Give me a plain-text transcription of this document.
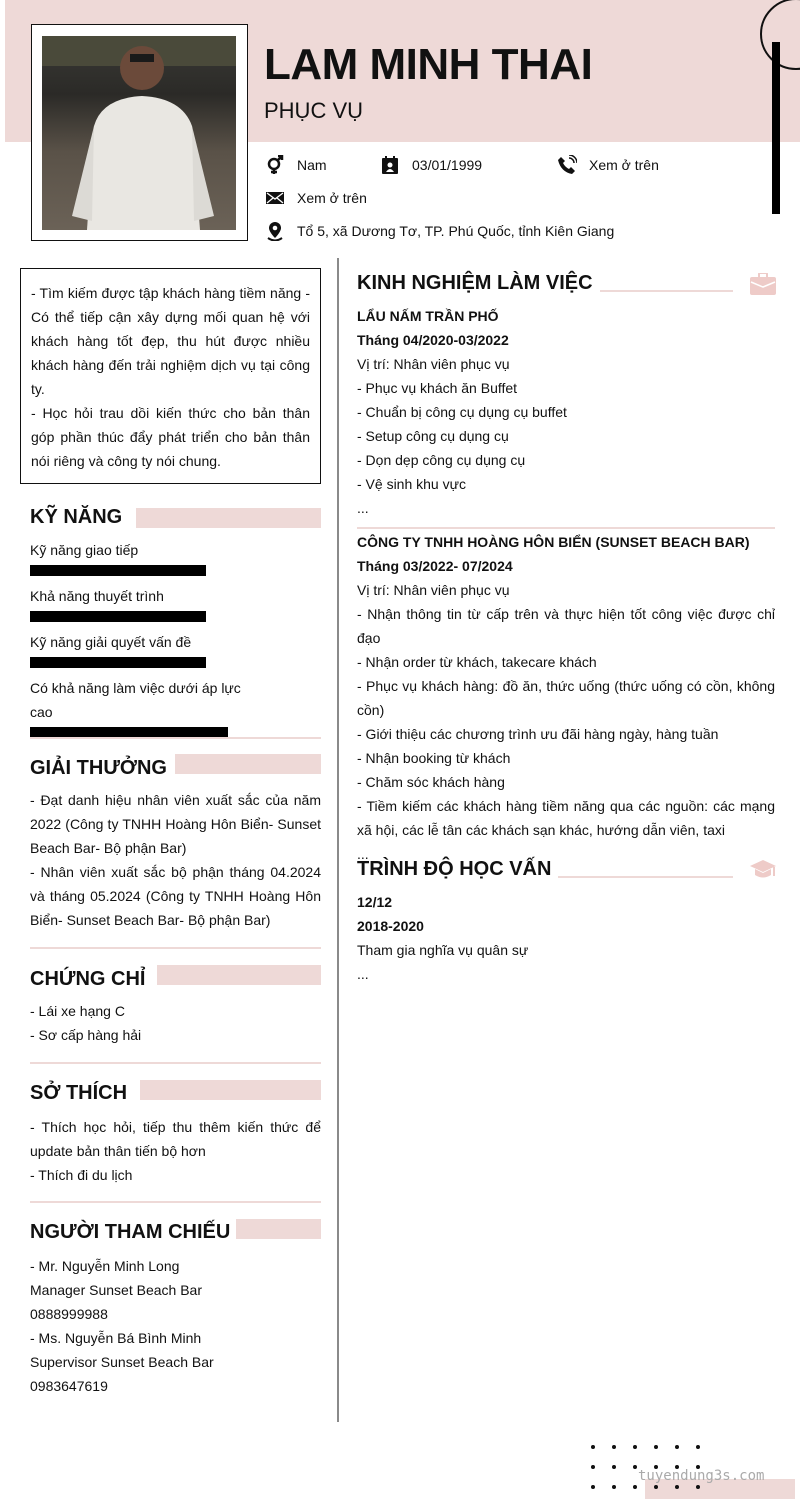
LAM MINH THAI
PHỤC VỤ
Nam	03/01/1999	Xem ở trên
Xem ở trên
Tổ 5, xã Dương Tơ, TP. Phú Quốc, tỉnh Kiên Giang
- Tìm kiếm được tập khách hàng tiềm năng - Có thể tiếp cận xây dựng mối quan hệ với khách hàng tốt đẹp, thu hút được nhiều khách hàng đến trải nghiệm dịch vụ tại công ty.
- Học hỏi trau dồi kiến thức cho bản thân góp phần thúc đẩy phát triển cho bản thân nói riêng và công ty nói chung.
KỸ NĂNG
Kỹ năng giao tiếp
Khả năng thuyết trình
Kỹ năng giải quyết vấn đề
Có khả năng làm việc dưới áp lực cao
GIẢI THƯỞNG
- Đạt danh hiệu nhân viên xuất sắc của năm 2022 (Công ty TNHH Hoàng Hôn Biển- Sunset Beach Bar- Bộ phận Bar)
- Nhân viên xuất sắc bộ phận tháng 04.2024 và tháng 05.2024 (Công ty TNHH Hoàng Hôn Biển- Sunset Beach Bar- Bộ phận Bar)
CHỨNG CHỈ
- Lái xe hạng C
- Sơ cấp hàng hải
SỞ THÍCH
- Thích học hỏi, tiếp thu thêm kiến thức để update bản thân tiến bộ hơn
- Thích đi du lịch
NGƯỜI THAM CHIẾU
- Mr. Nguyễn Minh Long
Manager Sunset Beach Bar
0888999988
- Ms. Nguyễn Bá Bình Minh
Supervisor Sunset Beach Bar
0983647619
KINH NGHIỆM LÀM VIỆC
LẨU NẤM TRẦN PHỐ
Tháng 04/2020-03/2022
Vị trí: Nhân viên phục vụ
- Phục vụ khách ăn Buffet
- Chuẩn bị công cụ dụng cụ buffet
- Setup công cụ dụng cụ
- Dọn dẹp công cụ dụng cụ
- Vệ sinh khu vực
...
CÔNG TY TNHH HOÀNG HÔN BIỂN (SUNSET BEACH BAR)
Tháng 03/2022- 07/2024
Vị trí: Nhân viên phục vụ
- Nhận thông tin từ cấp trên và thực hiện tốt công việc được chỉ đạo
- Nhận order từ khách, takecare khách
- Phục vụ khách hàng: đồ ăn, thức uống (thức uống có cồn, không cồn)
- Giới thiệu các chương trình ưu đãi hàng ngày, hàng tuần
- Nhận booking từ khách
- Chăm sóc khách hàng
- Tiềm kiếm các khách hàng tiềm năng qua các nguồn: các mạng xã hội, các lễ tân các khách sạn khác, hướng dẫn viên, taxi
...
TRÌNH ĐỘ HỌC VẤN
12/12
2018-2020
Tham gia nghĩa vụ quân sự
...
tuyendung3s.com
